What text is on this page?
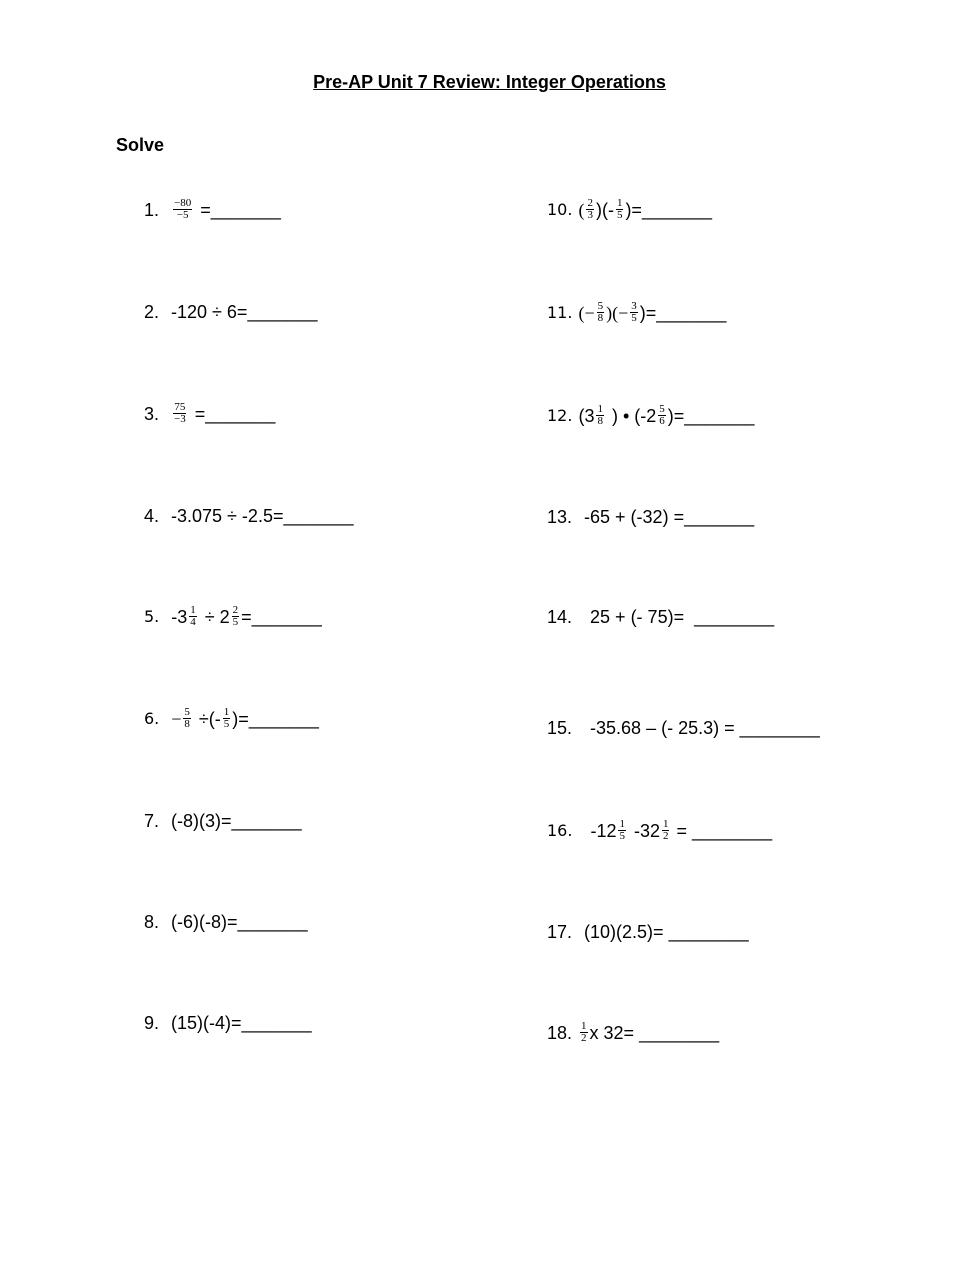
Pre-AP Unit 7 Review: Integer Operations
Solve
1. $\frac{-80}{-5}$ = _______
2. -120 ÷ 6= _______
3. $\frac{75}{-3}$ = _______
4. -3.075 ÷ -2.5= _______
5. $-3 \frac{1}{4} \div 2 \frac{2}{5}$ = _______
6. − $\frac{5}{8}$ ÷(- $\frac{1}{5}$ )= _______
7. (-8)(3)= _______
8. (-6)(-8)= _______
9. (15)(-4)= _______
10. ( $\frac{2}{3}$ )(- $\frac{1}{5}$ )= _______
11. (− $\frac{5}{8}$ )(− $\frac{3}{5}$ )= _______
12. ($3 \frac{1}{8}$ ) • ($-2 \frac{5}{6}$ )= _______
13. -65 + (-32) = _______
14. 25 + (- 75)= ________
15. -35.68 – (- 25.3) = ________
16. $-12 \frac{1}{5} -32 \frac{1}{2}$ = ________
17. (10)(2.5)= ________
18. $\frac{1}{2}$ x 32= ________
